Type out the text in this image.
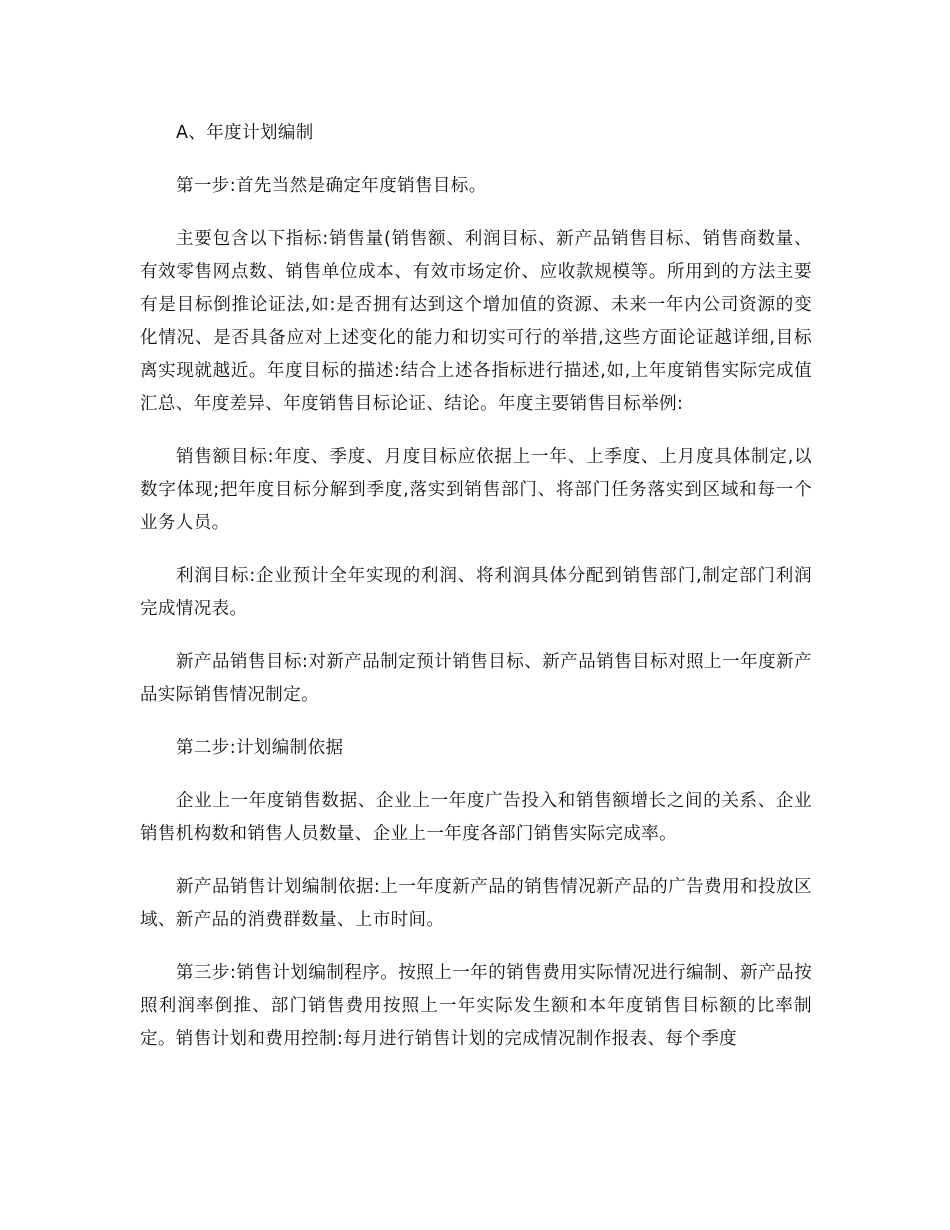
A、年度计划编制

第一步:首先当然是确定年度销售目标。

主要包含以下指标:销售量(销售额、利润目标、新产品销售目标、销售商数量、有效零售网点数、销售单位成本、有效市场定价、应收款规模等。所用到的方法主要有是目标倒推论证法,如:是否拥有达到这个增加值的资源、未来一年内公司资源的变化情况、是否具备应对上述变化的能力和切实可行的举措,这些方面论证越详细,目标离实现就越近。年度目标的描述:结合上述各指标进行描述,如,上年度销售实际完成值汇总、年度差异、年度销售目标论证、结论。年度主要销售目标举例:

销售额目标:年度、季度、月度目标应依据上一年、上季度、上月度具体制定,以数字体现;把年度目标分解到季度,落实到销售部门、将部门任务落实到区域和每一个业务人员。

利润目标:企业预计全年实现的利润、将利润具体分配到销售部门,制定部门利润完成情况表。

新产品销售目标:对新产品制定预计销售目标、新产品销售目标对照上一年度新产品实际销售情况制定。

第二步:计划编制依据

企业上一年度销售数据、企业上一年度广告投入和销售额增长之间的关系、企业销售机构数和销售人员数量、企业上一年度各部门销售实际完成率。

新产品销售计划编制依据:上一年度新产品的销售情况新产品的广告费用和投放区域、新产品的消费群数量、上市时间。

第三步:销售计划编制程序。按照上一年的销售费用实际情况进行编制、新产品按照利润率倒推、部门销售费用按照上一年实际发生额和本年度销售目标额的比率制定。销售计划和费用控制:每月进行销售计划的完成情况制作报表、每个季度
